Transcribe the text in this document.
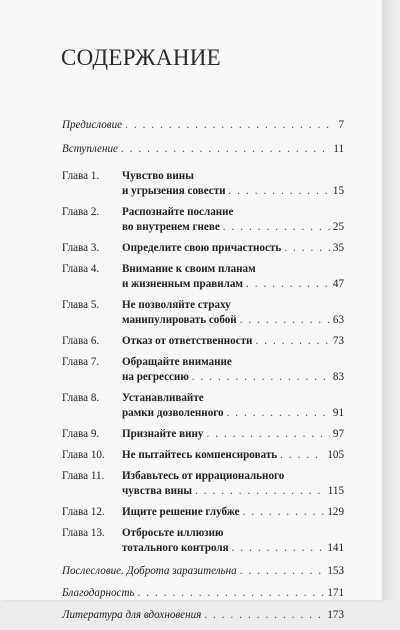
СОДЕРЖАНИЕ
Предисловие . . .	7
Вступление . . .	11
Глава 1.	Чувство вины
и угрызения совести . . .	15
Глава 2.	Распознайте послание
во внутренем гневе . . .	25
Глава 3.	Определите свою причастность . . .	35
Глава 4.	Внимание к своим планам
и жизненным правилам . . .	47
Глава 5.	Не позволяйте страху
манипулировать собой . . .	63
Глава 6.	Отказ от ответственности . . .	73
Глава 7.	Обращайте внимание
на регрессию . . .	83
Глава 8.	Устанавливайте
рамки дозволенного . . .	91
Глава 9.	Признайте вину . . .	97
Глава 10.	Не пытайтесь компенсировать . . .	105
Глава 11.	Избавьтесь от иррационального
чувства вины . . .	115
Глава 12.	Ищите решение глубже . . .	129
Глава 13.	Отбросьте иллюзию
тотального контроля . . .	141
Послесловие. Доброта заразительна . . .	153
Благодарность . . .	171
Литература для вдохновения . . .	173
